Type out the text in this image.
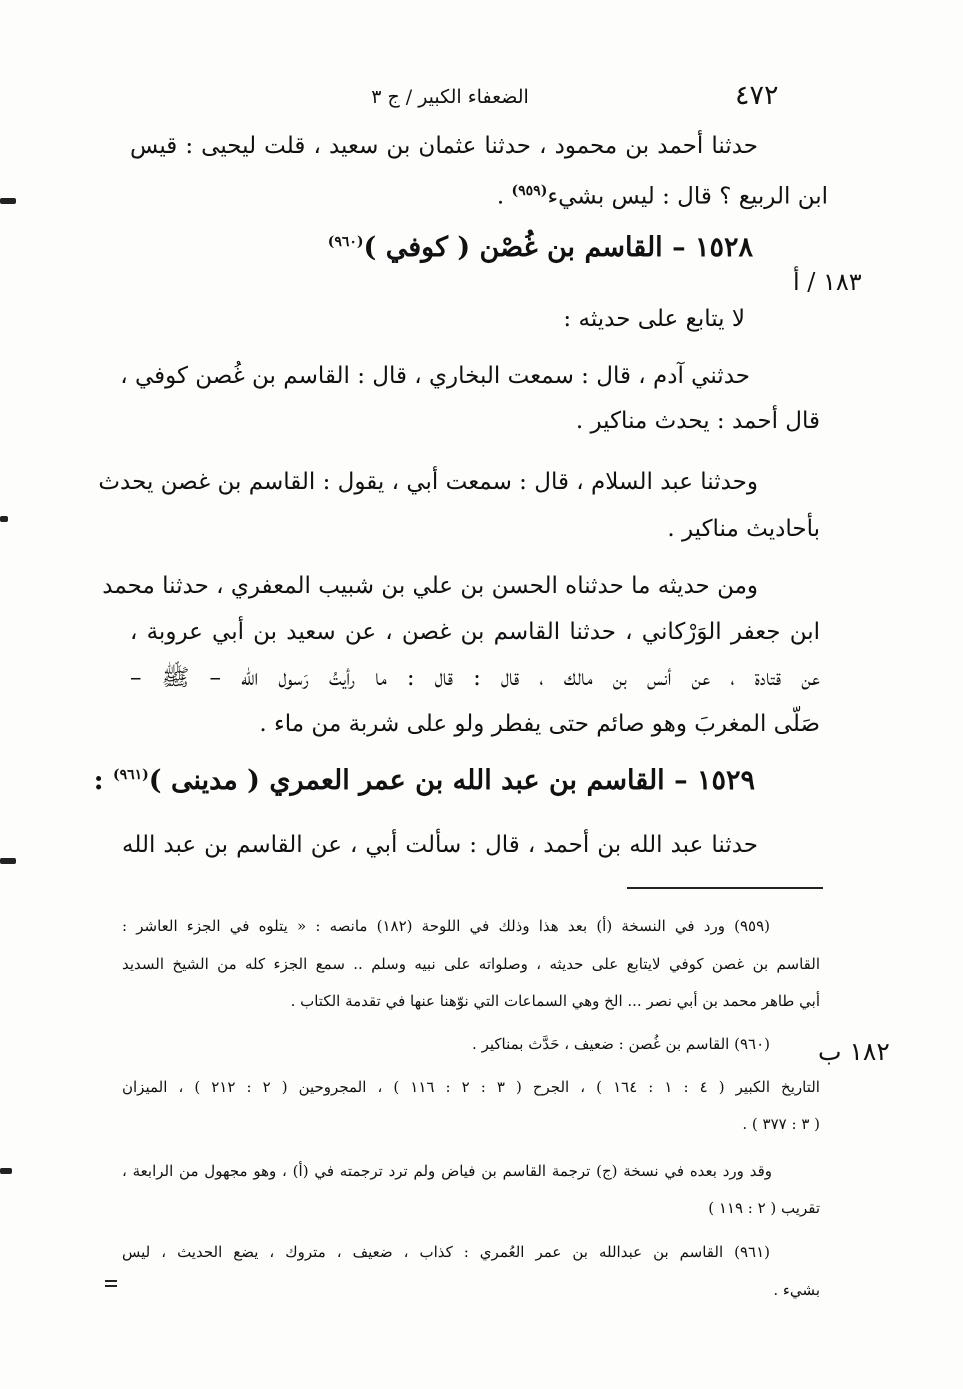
٤٧٢
الضعفاء الكبير / ج ٣
حدثنا أحمد بن محمود ، حدثنا عثمان بن سعيد ، قلت ليحيى : قيس
ابن الربيع ؟ قال : ليس بشيء$^{(٩٥٩)}$ .
١٥٢٨ – القاسم بن غُصْن ( كوفي )$^{(٩٦٠)}$
١٨٣ / أ
لا يتابع على حديثه :
حدثني آدم ، قال : سمعت البخاري ، قال : القاسم بن غُصن كوفي ،
قال أحمد : يحدث مناكير .
وحدثنا عبد السلام ، قال : سمعت أبي ، يقول : القاسم بن غصن يحدث
بأحاديث مناكير .
ومن حديثه ما حدثناه الحسن بن علي بن شبيب المعفري ، حدثنا محمد
ابن جعفر الوَرْكاني ، حدثنا القاسم بن غصن ، عن سعيد بن أبي عروبة ،
عن قتادة ، عن أنس بن مالك ، قال : قال : ما رأيتُ رَسول الله – ﷺ –
صَلّى المغربَ وهو صائم حتى يفطر ولو على شربة من ماء .
١٥٢٩ – القاسم بن عبد الله بن عمر العمري ( مدينى )$^{(٩٦١)}$ :
حدثنا عبد الله بن أحمد ، قال : سألت أبي ، عن القاسم بن عبد الله
(٩٥٩) ورد في النسخة (أ) بعد هذا وذلك في اللوحة (١٨٢) مانصه : « يتلوه في الجزء العاشر :
القاسم بن غصن كوفي لايتابع على حديثه ، وصلواته على نبيه وسلم .. سمع الجزء كله من الشيخ السديد
أبي طاهر محمد بن أبي نصر ... الخ وهي السماعات التي نوّهنا عنها في تقدمة الكتاب .
(٩٦٠) القاسم بن غُصن : ضعيف ، حَدَّث بمناكير .
التاريخ الكبير ( ٤ : ١ : ١٦٤ ) ، الجرح ( ٣ : ٢ : ١١٦ ) ، المجروحين ( ٢ : ٢١٢ ) ، الميزان
( ٣ : ٣٧٧ ) .
وقد ورد بعده في نسخة (ج) ترجمة القاسم بن فياض ولم ترد ترجمته في (أ) ، وهو مجهول من الرابعة ،
تقريب ( ٢ : ١١٩ )
(٩٦١) القاسم بن عبدالله بن عمر العُمري : كذاب ، ضعيف ، متروك ، يضع الحديث ، ليس
بشيء .
١٨٢ ب
